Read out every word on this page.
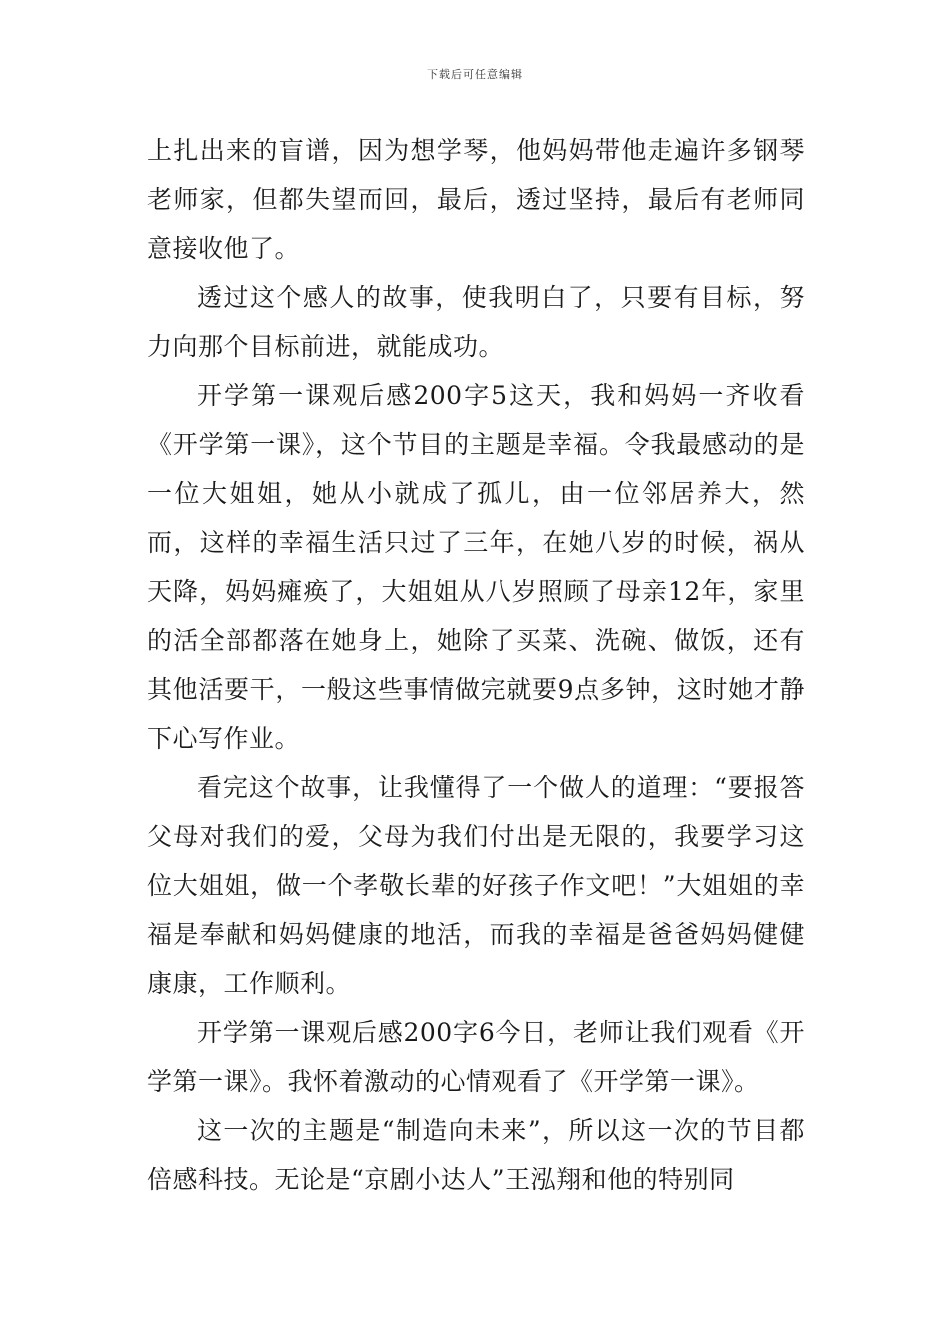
下载后可任意编辑

上扎出来的盲谱，因为想学琴，他妈妈带他走遍许多钢琴老师家，但都失望而回，最后，透过坚持，最后有老师同意接收他了。

透过这个感人的故事，使我明白了，只要有目标，努力向那个目标前进，就能成功。

开学第一课观后感200字5这天，我和妈妈一齐收看《开学第一课》，这个节目的主题是幸福。令我最感动的是一位大姐姐，她从小就成了孤儿，由一位邻居养大，然而，这样的幸福生活只过了三年，在她八岁的时候，祸从天降，妈妈瘫痪了，大姐姐从八岁照顾了母亲12年，家里的活全部都落在她身上，她除了买菜、洗碗、做饭，还有其他活要干，一般这些事情做完就要9点多钟，这时她才静下心写作业。

看完这个故事，让我懂得了一个做人的道理：“要报答父母对我们的爱，父母为我们付出是无限的，我要学习这位大姐姐，做一个孝敬长辈的好孩子作文吧！”大姐姐的幸福是奉献和妈妈健康的地活，而我的幸福是爸爸妈妈健健康康，工作顺利。

开学第一课观后感200字6今日，老师让我们观看《开学第一课》。我怀着激动的心情观看了《开学第一课》。

这一次的主题是“制造向未来”，所以这一次的节目都倍感科技。无论是“京剧小达人”王泓翔和他的特别同
